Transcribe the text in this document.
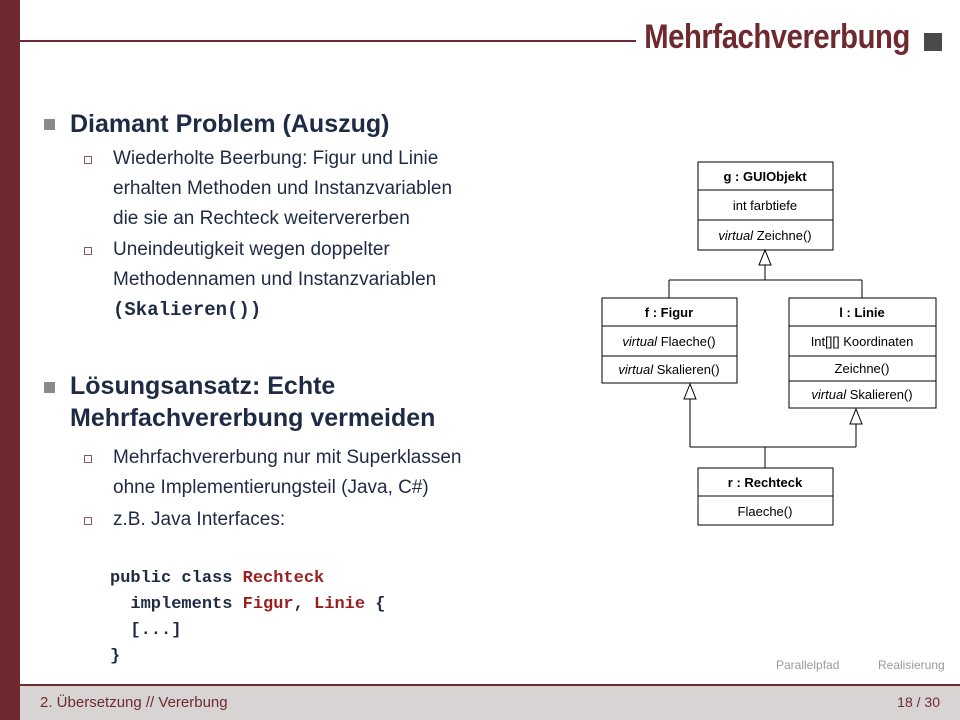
Mehrfachvererbung
Diamant Problem (Auszug)
Wiederholte Beerbung: Figur und Linie
erhalten Methoden und Instanzvariablen
die sie an Rechteck weitervererben
Uneindeutigkeit wegen doppelter
Methodennamen und Instanzvariablen
(Skalieren())
Lösungsansatz: Echte
Mehrfachvererbung vermeiden
Mehrfachvererbung nur mit Superklassen
ohne Implementierungsteil (Java, C#)
z.B. Java Interfaces:
public class Rechteck
implements Figur, Linie {
[...]
}
g : GUIObjekt
int farbtiefe
virtual Zeichne()
f : Figur
virtual Flaeche()
virtual Skalieren()
l : Linie
Int[][] Koordinaten
Zeichne()
virtual Skalieren()
r : Rechteck
Flaeche()
Parallelpfad	Realisierung
2. Übersetzung // Vererbung	18 / 30
